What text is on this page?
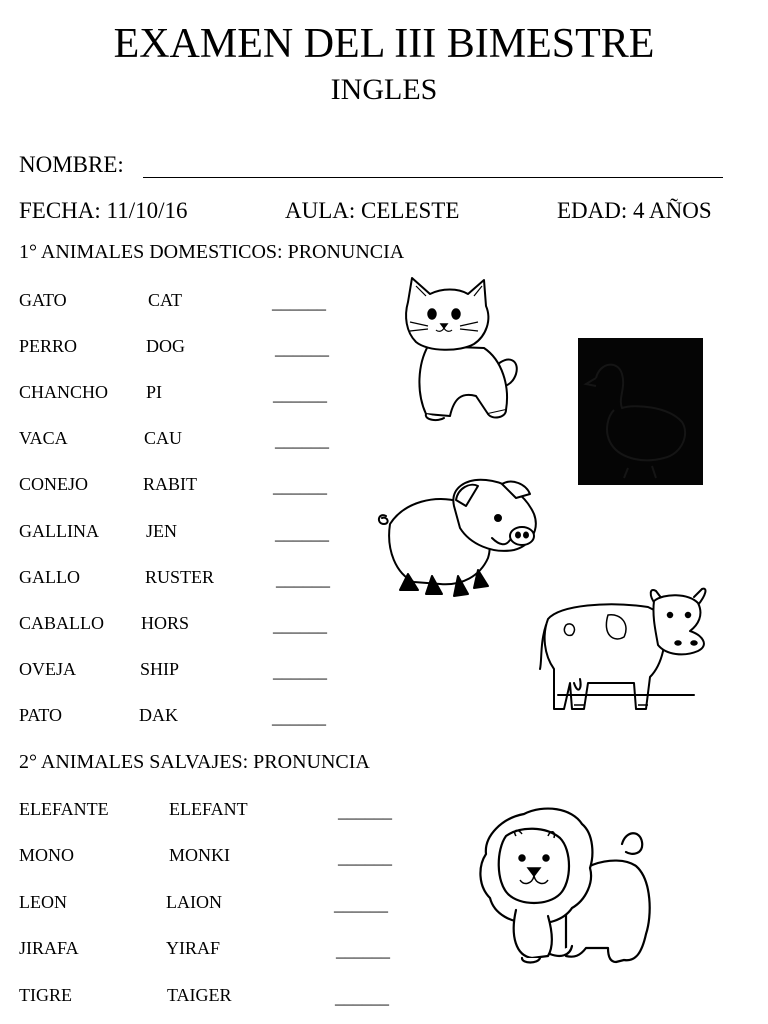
EXAMEN DEL III BIMESTRE
INGLES
NOMBRE:
FECHA: 11/10/16	AULA: CELESTE	EDAD: 4 AÑOS
1° ANIMALES DOMESTICOS: PRONUNCIA
GATO	CAT	______
PERRO	DOG	______
CHANCHO PI	______
VACA	CAU	______
CONEJO	RABIT	______
GALLINA	JEN	______
GALLO	RUSTER	______
CABALLO HORS	______
OVEJA	SHIP	______
PATO	DAK	______
2° ANIMALES SALVAJES: PRONUNCIA
ELEFANTE	ELEFANT	______
MONO	MONKI	______
LEON	LAION	______
JIRAFA	YIRAF	______
TIGRE	TAIGER	______
